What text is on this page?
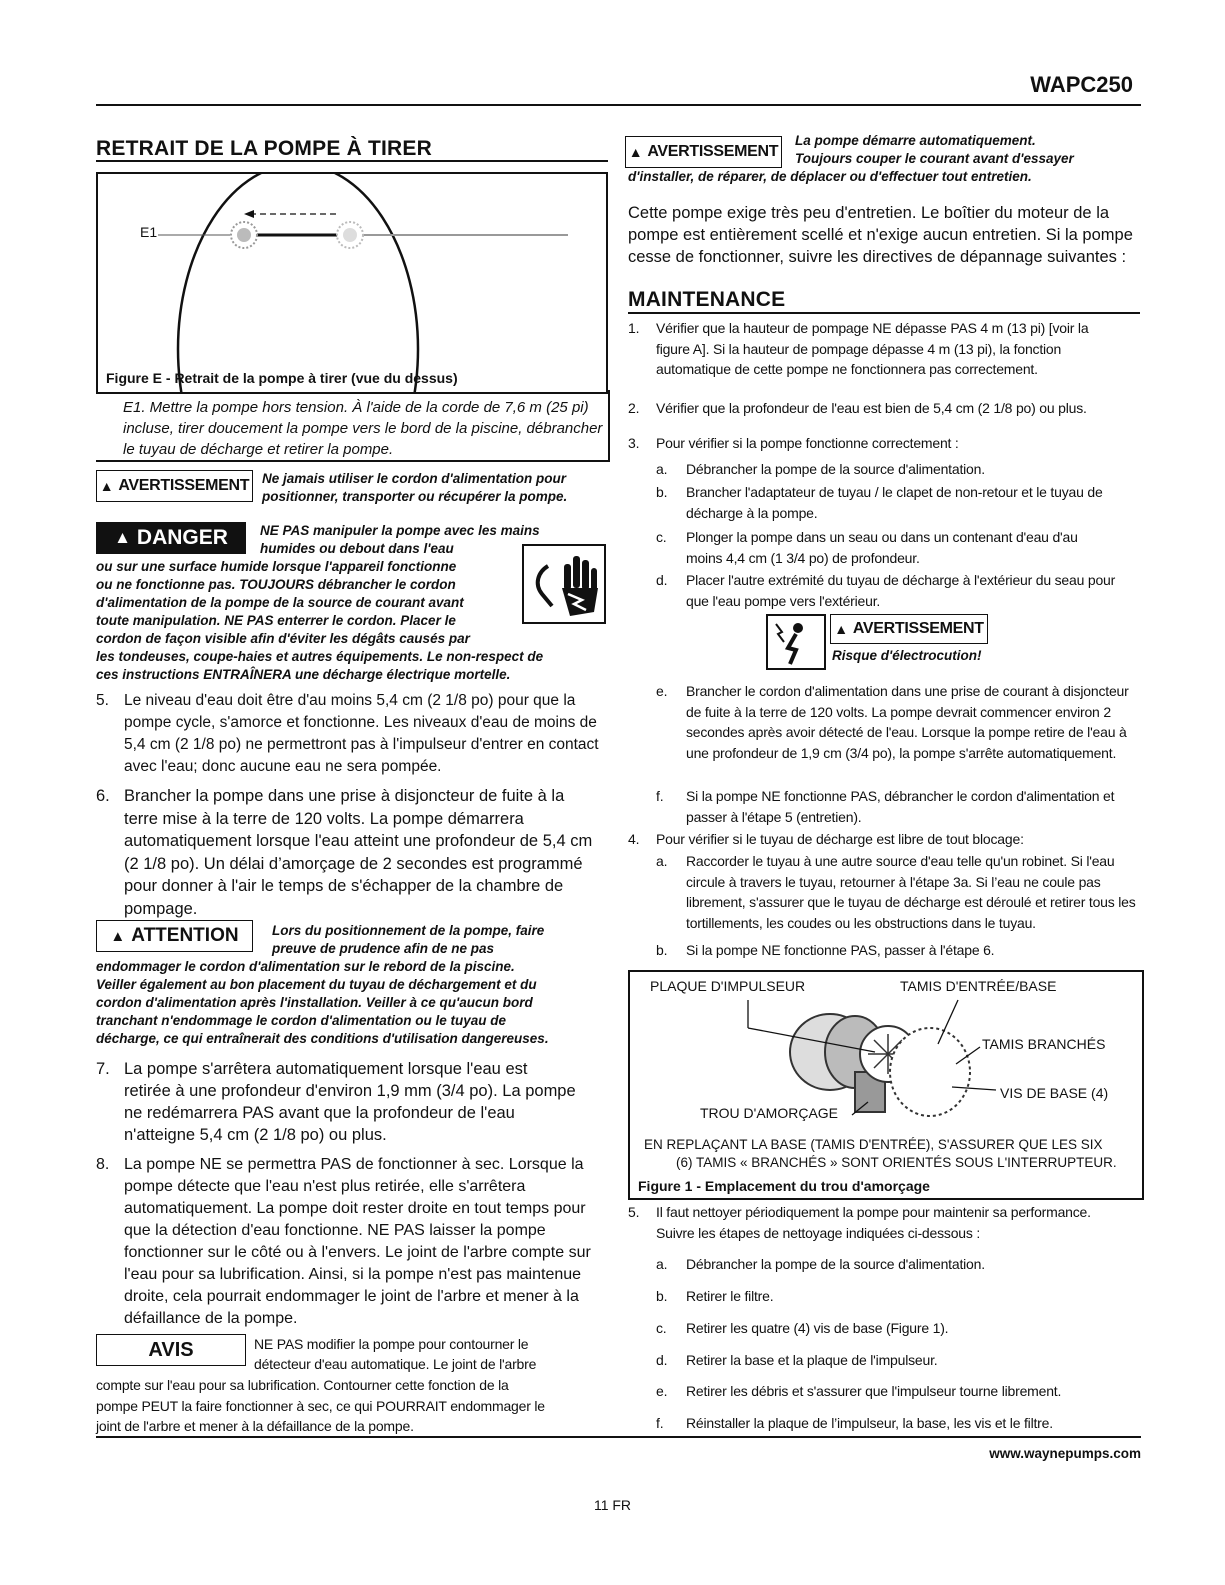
WAPC250
RETRAIT DE LA POMPE À TIRER
E1
Figure E - Retrait de la pompe à tirer (vue du dessus)
E1. Mettre la pompe hors tension. À l'aide de la corde de 7,6 m (25 pi) incluse, tirer doucement la pompe vers le bord de la piscine, débrancher le tuyau de décharge et retirer la pompe.
▲ AVERTISSEMENT Ne jamais utiliser le cordon d'alimentation pour positionner, transporter ou récupérer la pompe.
▲ DANGER NE PAS manipuler la pompe avec les mains
humides ou debout dans l'eau
ou sur une surface humide lorsque l'appareil fonctionne
ou ne fonctionne pas. TOUJOURS débrancher le cordon
d'alimentation de la pompe de la source de courant avant
toute manipulation. NE PAS enterrer le cordon. Placer le
cordon de façon visible afin d'éviter les dégâts causés par
les tondeuses, coupe-haies et autres équipements. Le non-respect de
ces instructions ENTRAÎNERA une décharge électrique mortelle.
5. Le niveau d'eau doit être d'au moins 5,4 cm (2 1/8 po) pour que la pompe cycle, s'amorce et fonctionne. Les niveaux d'eau de moins de 5,4 cm (2 1/8 po) ne permettront pas à l'impulseur d'entrer en contact avec l'eau; donc aucune eau ne sera pompée.
6. Brancher la pompe dans une prise à disjoncteur de fuite à la terre mise à la terre de 120 volts. La pompe démarrera automatiquement lorsque l'eau atteint une profondeur de 5,4 cm (2 1/8 po). Un délai d’amorçage de 2 secondes est programmé pour donner à l'air le temps de s'échapper de la chambre de pompage.
▲ ATTENTION Lors du positionnement de la pompe, faire
preuve de prudence afin de ne pas
endommager le cordon d'alimentation sur le rebord de la piscine.
Veiller également au bon placement du tuyau de déchargement et du
cordon d'alimentation après l'installation. Veiller à ce qu'aucun bord
tranchant n'endommage le cordon d'alimentation ou le tuyau de
décharge, ce qui entraînerait des conditions d'utilisation dangereuses.
7. La pompe s'arrêtera automatiquement lorsque l'eau est retirée à une profondeur d'environ 1,9 mm (3/4 po). La pompe ne redémarrera PAS avant que la profondeur de l'eau n'atteigne 5,4 cm (2 1/8 po) ou plus.
8. La pompe NE se permettra PAS de fonctionner à sec. Lorsque la pompe détecte que l'eau n'est plus retirée, elle s'arrêtera automatiquement. La pompe doit rester droite en tout temps pour que la détection d'eau fonctionne. NE PAS laisser la pompe fonctionner sur le côté ou à l'envers. Le joint de l'arbre compte sur l'eau pour sa lubrification. Ainsi, si la pompe n'est pas maintenue droite, cela pourrait endommager le joint de l'arbre et mener à la défaillance de la pompe.
AVIS	NE PAS modifier la pompe pour contourner le
détecteur d'eau automatique. Le joint de l'arbre
compte sur l'eau pour sa lubrification. Contourner cette fonction de la
pompe PEUT la faire fonctionner à sec, ce qui POURRAIT endommager le
joint de l'arbre et mener à la défaillance de la pompe.
▲ AVERTISSEMENT
La pompe démarre automatiquement.
Toujours couper le courant avant d'essayer
d'installer, de réparer, de déplacer ou d'effectuer tout entretien.
Cette pompe exige très peu d'entretien. Le boîtier du moteur de la pompe est entièrement scellé et n'exige aucun entretien. Si la pompe cesse de fonctionner, suivre les directives de dépannage suivantes :
MAINTENANCE
1.	Vérifier que la hauteur de pompage NE dépasse PAS 4 m (13 pi) [voir la figure A]. Si la hauteur de pompage dépasse 4 m (13 pi), la fonction automatique de cette pompe ne fonctionnera pas correctement.
2.	Vérifier que la profondeur de l'eau est bien de 5,4 cm (2 1/8 po) ou plus.
3.	Pour vérifier si la pompe fonctionne correctement :
a.	Débrancher la pompe de la source d'alimentation.
b.	Brancher l'adaptateur de tuyau / le clapet de non-retour et le tuyau de décharge à la pompe.
c.	Plonger la pompe dans un seau ou dans un contenant d'eau d'au moins 4,4 cm (1 3/4 po) de profondeur.
d.	Placer l'autre extrémité du tuyau de décharge à l'extérieur du seau pour que l'eau pompe vers l'extérieur.
▲ AVERTISSEMENT
Risque d'électrocution!
e.	Brancher le cordon d'alimentation dans une prise de courant à disjoncteur de fuite à la terre de 120 volts. La pompe devrait commencer environ 2 secondes après avoir détecté de l'eau. Lorsque la pompe retire de l'eau à une profondeur de 1,9 cm (3/4 po), la pompe s'arrête automatiquement.
f.	Si la pompe NE fonctionne PAS, débrancher le cordon d'alimentation et passer à l'étape 5 (entretien).
4.	Pour vérifier si le tuyau de décharge est libre de tout blocage:
a.	Raccorder le tuyau à une autre source d'eau telle qu'un robinet. Si l'eau circule à travers le tuyau, retourner à l'étape 3a. Si l’eau ne coule pas librement, s'assurer que le tuyau de décharge est déroulé et retirer tous les tortillements, les coudes ou les obstructions dans le tuyau.
b.	Si la pompe NE fonctionne PAS, passer à l'étape 6.
PLAQUE D'IMPULSEUR	TAMIS D'ENTRÉE/BASE
TAMIS BRANCHÉS
VIS DE BASE (4)
TROU D'AMORÇAGE
EN REPLAÇANT LA BASE (TAMIS D'ENTRÉE), S'ASSURER QUE LES SIX
(6) TAMIS « BRANCHÉS » SONT ORIENTÉS SOUS L'INTERRUPTEUR.
Figure 1 - Emplacement du trou d'amorçage
5.	Il faut nettoyer périodiquement la pompe pour maintenir sa performance. Suivre les étapes de nettoyage indiquées ci-dessous :
a.	Débrancher la pompe de la source d'alimentation.
b.	Retirer le filtre.
c.	Retirer les quatre (4) vis de base (Figure 1).
d.	Retirer la base et la plaque de l'impulseur.
e.	Retirer les débris et s'assurer que l'impulseur tourne librement.
f.	Réinstaller la plaque de l’impulseur, la base, les vis et le filtre.
www.waynepumps.com
11 FR
